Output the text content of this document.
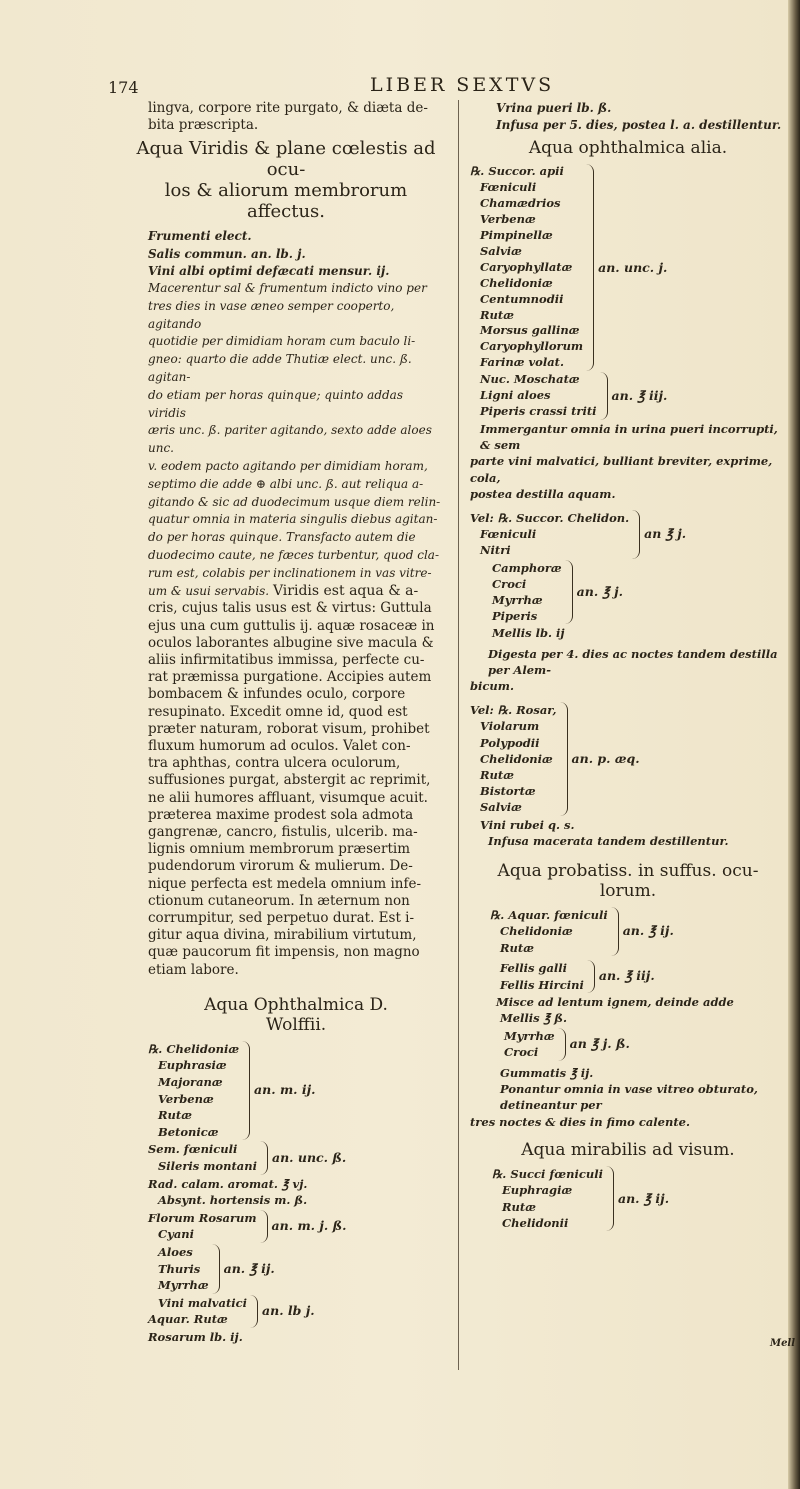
174	LIBER SEXTVS

lingva, corpore rite purgato, & diæta de-

bita præscripta.

Aqua Viridis & plane cœlestis ad ocu-
los & aliorum membrorum
affectus.

Frumenti elect.

Salis commun. an. lb. j.

Vini albi optimi defæcati mensur. ij.

Macerentur sal & frumentum indicto vino per

tres dies in vase æneo semper cooperto, agitando

quotidie per dimidiam horam cum baculo li-

gneo: quarto die adde Thutiæ elect. unc. ß. agitan-

do etiam per horas quinque; quinto addas viridis

æris unc. ß. pariter agitando, sexto adde aloes unc.

v. eodem pacto agitando per dimidiam horam,

septimo die adde ⊕ albi unc. ß. aut reliqua a-

gitando & sic ad duodecimum usque diem relin-

quatur omnia in materia singulis diebus agitan-

do per horas quinque. Transfacto autem die

duodecimo caute, ne fæces turbentur, quod cla-

rum est, colabis per inclinationem in vas vitre-

um & usui servabis. Viridis est aqua & a-

cris, cujus talis usus est & virtus: Guttula

ejus una cum guttulis ij. aquæ rosaceæ in

oculos laborantes albugine sive macula &

aliis infirmitatibus immissa, perfecte cu-

rat præmissa purgatione. Accipies autem

bombacem & infundes oculo, corpore

resupinato. Excedit omne id, quod est

præter naturam, roborat visum, prohibet

fluxum humorum ad oculos. Valet con-

tra aphthas, contra ulcera oculorum,

suffusiones purgat, abstergit ac reprimit,

ne alii humores affluant, visumque acuit.

præterea maxime prodest sola admota

gangrenæ, cancro, fistulis, ulcerib. ma-

lignis omnium membrorum præsertim

pudendorum virorum & mulierum. De-

nique perfecta est medela omnium infe-

ctionum cutaneorum. In æternum non

corrumpitur, sed perpetuo durat. Est i-

gitur aqua divina, mirabilium virtutum,

quæ paucorum fit impensis, non magno

etiam labore.

Aqua Ophthalmica D.
Wolffii.
℞. Chelidoniæ
Euphrasiæ
Majoranæ
Verbenæ
Rutæ
Betonicæ
an. m. ij.
Sem. fœniculi
Sileris montani
an. unc. ß.

Rad. calam. aromat. ℥ vj.

Absynt. hortensis m. ß.

Florum Rosarum
Cyani
an. m. j. ß.
Aloes
Thuris
Myrrhæ
an. ℥ ij.
Vini malvatici
Aquar. Rutæ
an. lb j.

Rosarum lb. ij.

Vrina pueri lb. ß.

Infusa per 5. dies, postea l. a. destillentur.

Aqua ophthalmica alia.
℞. Succor. apii
Fœniculi
Chamædrios
Verbenæ
Pimpinellæ
Salviæ
Caryophyllatæ
Chelidoniæ
Centumnodii
Rutæ
Morsus gallinæ
Caryophyllorum
Farinæ volat.
an. unc. j.
Nuc. Moschatæ
Ligni aloes
Piperis crassi triti
an. ℥ iij.

Immergantur omnia in urina pueri incorrupti, & sem

parte vini malvatici, bulliant breviter, exprime, cola,

postea destilla aquam.

Vel: ℞. Succor. Chelidon.
Fœniculi
Nitri
an ℥ j.
Camphoræ
Croci
Myrrhæ
Piperis
an. ℥ j.

Mellis lb. ij

Digesta per 4. dies ac noctes tandem destilla per Alem-

bicum.

Vel: ℞. Rosar,
Violarum
Polypodii
Chelidoniæ
Rutæ
Bistortæ
Salviæ
an. p. æq.

Vini rubei q. s.

Infusa macerata tandem destillentur.

Aqua probatiss. in suffus. ocu-
lorum.
℞. Aquar. fœniculi
Chelidoniæ
Rutæ
an. ℥ ij.
Fellis galli
Fellis Hircini
an. ℥ iij.

Misce ad lentum ignem, deinde adde

Mellis ℥ ß.

Myrrhæ
Croci
an ℥ j. ß.

Gummatis ℥ ij.

Ponantur omnia in vase vitreo obturato, detineantur per

tres noctes & dies in fimo calente.

Aqua mirabilis ad visum.
℞. Succi fœniculi
Euphragiæ
Rutæ
Chelidonii
an. ℥ ij.
Mell
